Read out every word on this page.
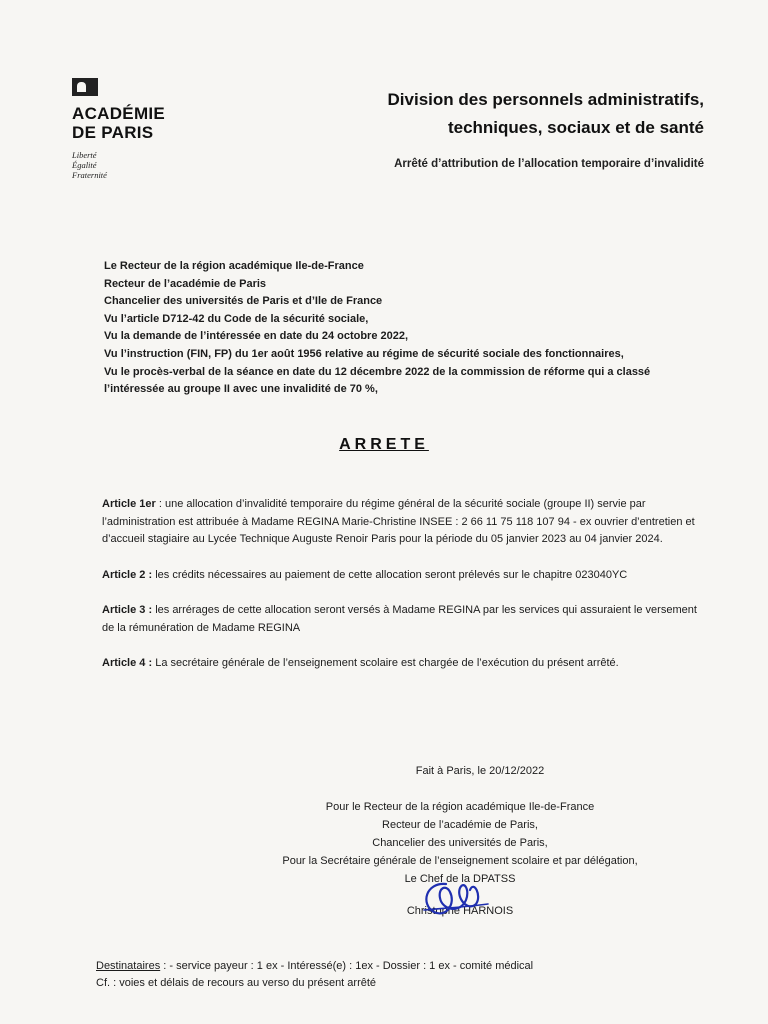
ACADÉMIE
DE PARIS
Liberté
Égalité
Fraternité
Division des personnels administratifs,
techniques, sociaux et de santé
Arrêté d’attribution de l’allocation temporaire d’invalidité
Le Recteur de la région académique Ile-de-France
Recteur de l’académie de Paris
Chancelier des universités de Paris et d’Ile de France
Vu l’article D712-42 du Code de la sécurité sociale,
Vu la demande de l’intéressée en date du 24 octobre 2022,
Vu l’instruction (FIN, FP) du 1er août 1956 relative au régime de sécurité sociale des fonctionnaires,
Vu le procès-verbal de la séance en date du 12 décembre 2022 de la commission de réforme qui a classé l’intéressée au groupe II avec une invalidité de 70 %,
ARRETE
Article 1er : une allocation d’invalidité temporaire du régime général de la sécurité sociale (groupe II) servie par l’administration est attribuée à Madame REGINA Marie-Christine INSEE : 2 66 11 75 118 107 94 - ex ouvrier d’entretien et d’accueil stagiaire au Lycée Technique Auguste Renoir Paris pour la période du 05 janvier 2023 au 04 janvier 2024.
Article 2 : les crédits nécessaires au paiement de cette allocation seront prélevés sur le chapitre 023040YC
Article 3 : les arrérages de cette allocation seront versés à Madame REGINA par les services qui assuraient le versement de la rémunération de Madame REGINA
Article 4 : La secrétaire générale de l’enseignement scolaire est chargée de l’exécution du présent arrêté.
Fait à Paris, le 20/12/2022
Pour le Recteur de la région académique Ile-de-France
Recteur de l’académie de Paris,
Chancelier des universités de Paris,
Pour la Secrétaire générale de l’enseignement scolaire et par délégation,
Le Chef de la DPATSS
Christophe HARNOIS
Destinataires : - service payeur : 1 ex - Intéressé(e) : 1ex - Dossier : 1 ex - comité médical
Cf. : voies et délais de recours au verso du présent arrêté
